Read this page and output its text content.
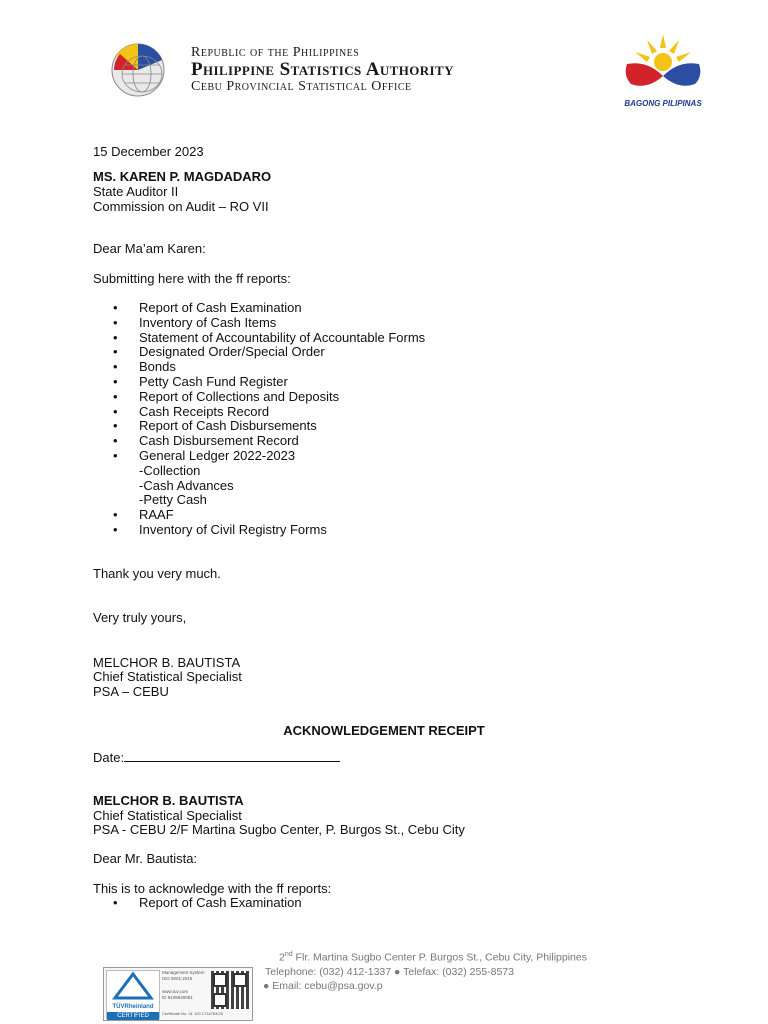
Republic of the Philippines
Philippine Statistics Authority
Cebu Provincial Statistical Office
BAGONG PILIPINAS
15 December 2023
MS. KAREN P. MAGDADARO
State Auditor II
Commission on Audit – RO VII
Dear Ma’am Karen:
Submitting here with the ff reports:
• Report of Cash Examination
• Inventory of Cash Items
• Statement of Accountability of Accountable Forms
• Designated Order/Special Order
• Bonds
• Petty Cash Fund Register
• Report of Collections and Deposits
• Cash Receipts Record
• Report of Cash Disbursements
• Cash Disbursement Record
• General Ledger 2022-2023
-Collection
-Cash Advances
-Petty Cash
• RAAF
• Inventory of Civil Registry Forms
Thank you very much.
Very truly yours,
MELCHOR B. BAUTISTA
Chief Statistical Specialist
PSA – CEBU
ACKNOWLEDGEMENT RECEIPT
Date:
MELCHOR B. BAUTISTA
Chief Statistical Specialist
PSA - CEBU 2/F Martina Sugbo Center, P. Burgos St., Cebu City
Dear Mr. Bautista:
This is to acknowledge with the ff reports:
• Report of Cash Examination
2nd Flr. Martina Sugbo Center P. Burgos St., Cebu City, Philippines
Telephone: (032) 412-1337 ● Telefax: (032) 255-8573
● Email: cebu@psa.gov.p
TÜVRheinland
CERTIFIED
Management System
ISO 9001:2015
www.tuv.com
ID 9108640091
Certificate No. 01 100 1734784/29
